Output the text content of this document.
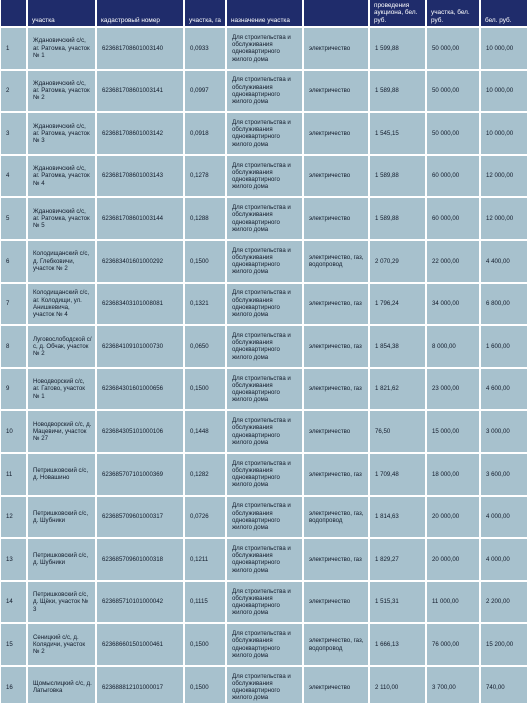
	участка	кадастровый номер	участка, га	назначение участка		проведения аукциона, бел. руб.	участка, бел. руб.	бел. руб.
1	Ждановичский с/с, аг. Ратомка, участок № 1	623681708601003140	0,0933	Для строительства и обслуживания одноквартирного жилого дома	электричество	1 599,88	50 000,00	10 000,00
2	Ждановичский с/с, аг. Ратомка, участок № 2	623681708601003141	0,0997	Для строительства и обслуживания одноквартирного жилого дома	электричество	1 589,88	50 000,00	10 000,00
3	Ждановичский с/с, аг. Ратомка, участок № 3	623681708601003142	0,0918	Для строительства и обслуживания одноквартирного жилого дома	электричество	1 545,15	50 000,00	10 000,00
4	Ждановичский с/с, аг. Ратомка, участок № 4	623681708601003143	0,1278	Для строительства и обслуживания одноквартирного жилого дома	электричество	1 589,88	60 000,00	12 000,00
5	Ждановичский с/с, аг. Ратомка, участок № 5	623681708601003144	0,1288	Для строительства и обслуживания одноквартирного жилого дома	электричество	1 589,88	60 000,00	12 000,00
6	Колодищанский с/с, д. Глебковичи, участок № 2	623683401601000292	0,1500	Для строительства и обслуживания одноквартирного жилого дома	электричество, газ, водопровод	2 070,29	22 000,00	4 400,00
7	Колодищанский с/с, аг. Колодищи, ул. Анишкевича, участок № 4	623683403101008081	0,1321	Для строительства и обслуживания одноквартирного жилого дома	электричество, газ	1 796,24	34 000,00	6 800,00
8	Луговослободской с/с, д. Обчак, участок № 2	623684109101000730	0,0650	Для строительства и обслуживания одноквартирного жилого дома	электричество, газ	1 854,38	8 000,00	1 600,00
9	Новодворский с/с, аг. Гатово, участок № 1	623684301601000656	0,1500	Для строительства и обслуживания одноквартирного жилого дома	электричество, газ	1 821,62	23 000,00	4 600,00
10	Новодворский с/с, д. Мацевичи, участок № 27	623684305101000106	0,1448	Для строительства и обслуживания одноквартирного жилого дома	электричество	76,50	15 000,00	3 000,00
11	Петришковский с/с, д. Новашино	623685707101000369	0,1282	Для строительства и обслуживания одноквартирного жилого дома	электричество, газ	1 709,48	18 000,00	3 600,00
12	Петришковский с/с, д. Шубники	623685709601000317	0,0726	Для строительства и обслуживания одноквартирного жилого дома	электричество, газ, водопровод	1 814,63	20 000,00	4 000,00
13	Петришковский с/с, д. Шубники	623685709601000318	0,1211	Для строительства и обслуживания одноквартирного жилого дома	электричество, газ	1 829,27	20 000,00	4 000,00
14	Петришковский с/с, д. Щёки, участок № 3	623685710101000042	0,1115	Для строительства и обслуживания одноквартирного жилого дома	электричество	1 515,31	11 000,00	2 200,00
15	Сеницкий с/с, д. Колядичи, участок № 2	623686601501000461	0,1500	Для строительства и обслуживания одноквартирного жилого дома	электричество, газ, водопровод	1 666,13	76 000,00	15 200,00
16	Щомыслицкий с/с, д. Латыговка	623688812101000017	0,1500	Для строительства и обслуживания одноквартирного жилого дома	электричество	2 110,00	3 700,00	740,00
